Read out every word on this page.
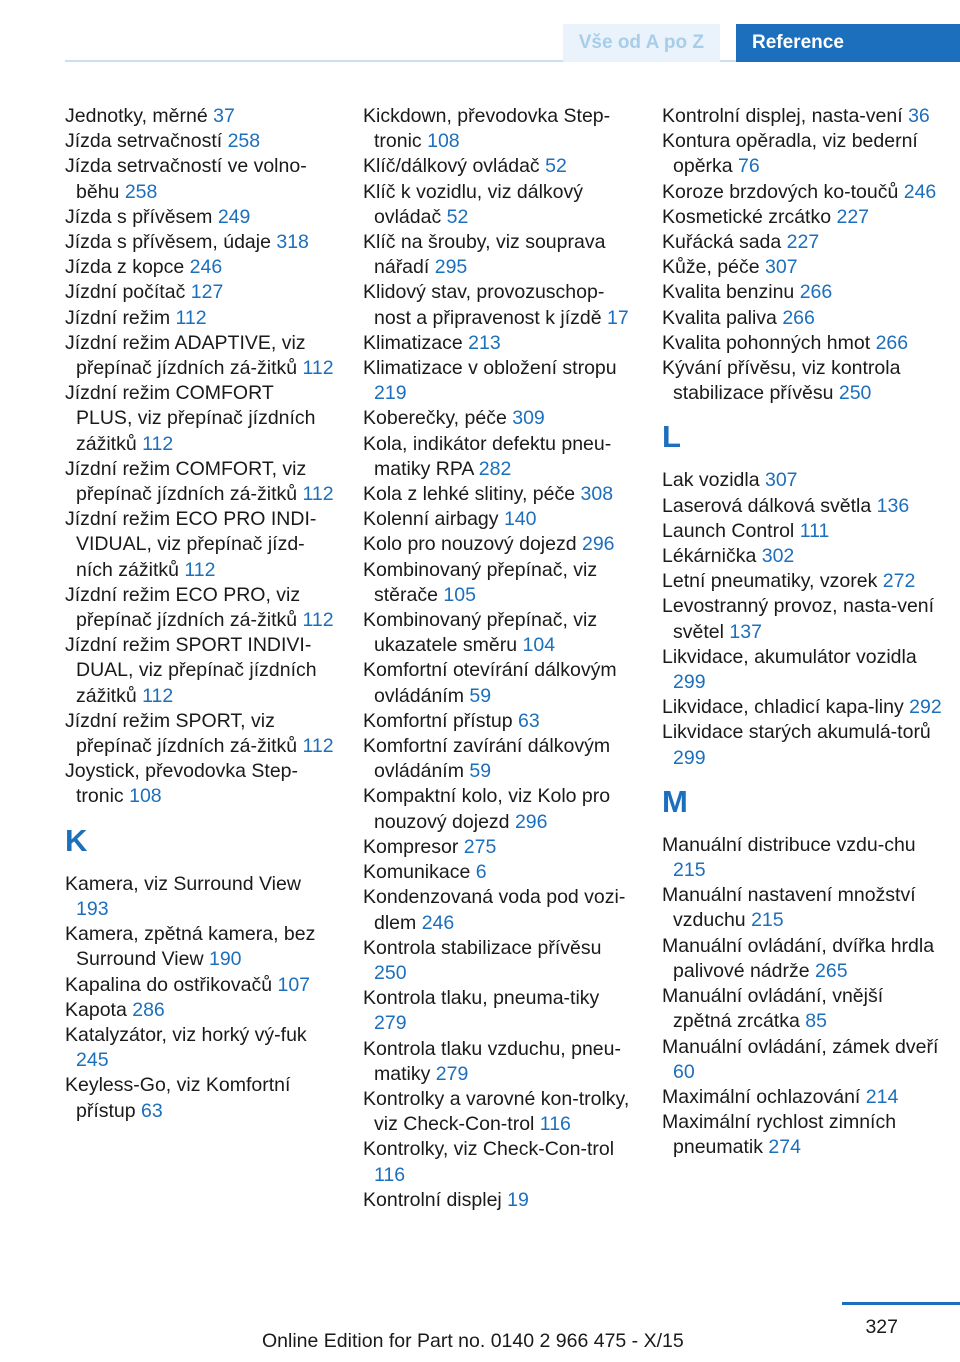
Vše od A po Z	Reference
Jednotky, měrné 37
Jízda setrvačností 258
Jízda setrvačností ve volno‐běhu 258
Jízda s přívěsem 249
Jízda s přívěsem, údaje 318
Jízda z kopce 246
Jízdní počítač 127
Jízdní režim 112
Jízdní režim ADAPTIVE, viz přepínač jízdních zá‐žitků 112
Jízdní režim COMFORT PLUS, viz přepínač jízdních zážitků 112
Jízdní režim COMFORT, viz přepínač jízdních zá‐žitků 112
Jízdní režim ECO PRO INDI‐VIDUAL, viz přepínač jízd‐ních zážitků 112
Jízdní režim ECO PRO, viz přepínač jízdních zá‐žitků 112
Jízdní režim SPORT INDIVI‐DUAL, viz přepínač jízdních zážitků 112
Jízdní režim SPORT, viz přepínač jízdních zá‐žitků 112
Joystick, převodovka Step‐tronic 108
K
Kamera, viz Surround View 193
Kamera, zpětná kamera, bez Surround View 190
Kapalina do ostřikovačů 107
Kapota 286
Katalyzátor, viz horký vý‐fuk 245
Keyless-Go, viz Komfortní přístup 63
Kickdown, převodovka Step‐tronic 108
Klíč/dálkový ovládač 52
Klíč k vozidlu, viz dálkový ovládač 52
Klíč na šrouby, viz souprava nářadí 295
Klidový stav, provozuschop‐nost a připravenost k jízdě 17
Klimatizace 213
Klimatizace v obložení stropu 219
Koberečky, péče 309
Kola, indikátor defektu pneu‐matiky RPA 282
Kola z lehké slitiny, péče 308
Kolenní airbagy 140
Kolo pro nouzový dojezd 296
Kombinovaný přepínač, viz stěrače 105
Kombinovaný přepínač, viz ukazatele směru 104
Komfortní otevírání dálkovým ovládáním 59
Komfortní přístup 63
Komfortní zavírání dálkovým ovládáním 59
Kompaktní kolo, viz Kolo pro nouzový dojezd 296
Kompresor 275
Komunikace 6
Kondenzovaná voda pod vozi‐dlem 246
Kontrola stabilizace přívěsu 250
Kontrola tlaku, pneuma‐tiky 279
Kontrola tlaku vzduchu, pneu‐matiky 279
Kontrolky a varovné kon‐trolky, viz Check-Con‐trol 116
Kontrolky, viz Check-Con‐trol 116
Kontrolní displej 19
Kontrolní displej, nasta‐vení 36
Kontura opěradla, viz bederní opěrka 76
Koroze brzdových ko‐toučů 246
Kosmetické zrcátko 227
Kuřácká sada 227
Kůže, péče 307
Kvalita benzinu 266
Kvalita paliva 266
Kvalita pohonných hmot 266
Kývání přívěsu, viz kontrola stabilizace přívěsu 250
L
Lak vozidla 307
Laserová dálková světla 136
Launch Control 111
Lékárnička 302
Letní pneumatiky, vzorek 272
Levostranný provoz, nasta‐vení světel 137
Likvidace, akumulátor vozidla 299
Likvidace, chladicí kapa‐liny 292
Likvidace starých akumulá‐torů 299
M
Manuální distribuce vzdu‐chu 215
Manuální nastavení množství vzduchu 215
Manuální ovládání, dvířka hrdla palivové nádrže 265
Manuální ovládání, vnější zpětná zrcátka 85
Manuální ovládání, zámek dveří 60
Maximální ochlazování 214
Maximální rychlost zimních pneumatik 274
327
Online Edition for Part no. 0140 2 966 475 - X/15
